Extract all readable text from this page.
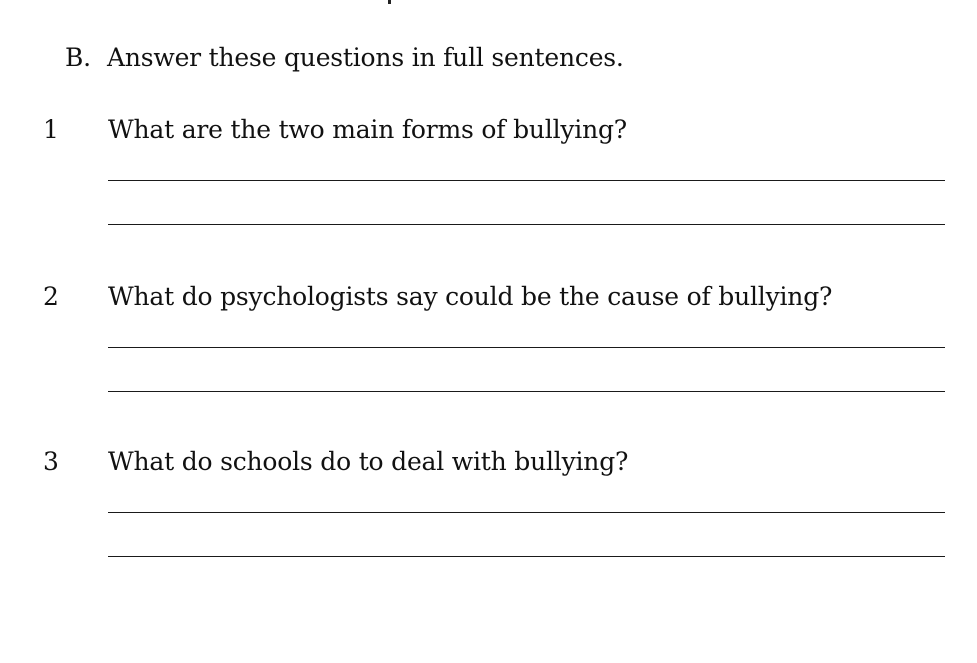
B. Answer these questions in full sentences.
1 What are the two main forms of bullying?
2 What do psychologists say could be the cause of bullying?
3 What do schools do to deal with bullying?
